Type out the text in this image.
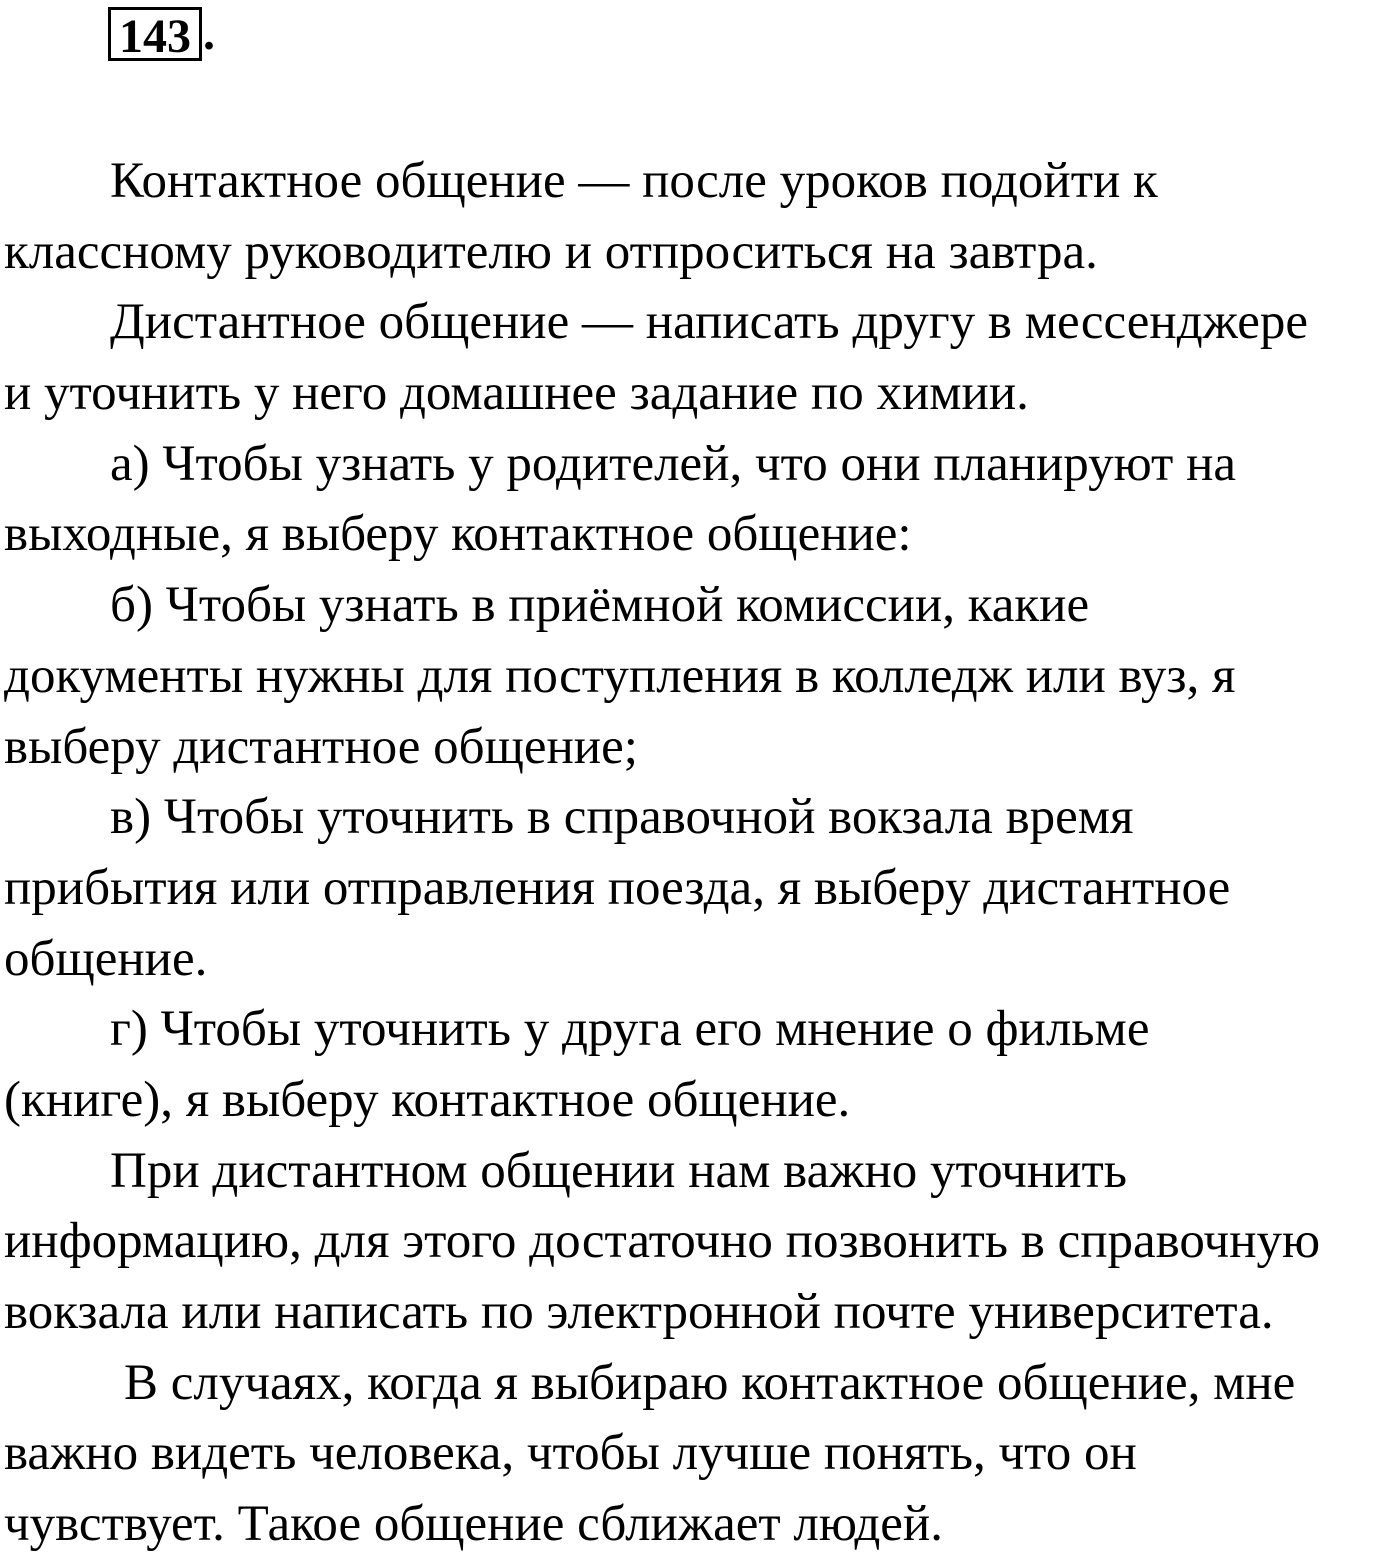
143 .
Контактное общение — после уроков подойти к
классному руководителю и отпроситься на завтра.
Дистантное общение — написать другу в мессенджере
и уточнить у него домашнее задание по химии.
а) Чтобы узнать у родителей, что они планируют на
выходные, я выберу контактное общение:
б) Чтобы узнать в приёмной комиссии, какие
документы нужны для поступления в колледж или вуз, я
выберу дистантное общение;
в) Чтобы уточнить в справочной вокзала время
прибытия или отправления поезда, я выберу дистантное
общение.
г) Чтобы уточнить у друга его мнение о фильме
(книге), я выберу контактное общение.
При дистантном общении нам важно уточнить
информацию, для этого достаточно позвонить в справочную
вокзала или написать по электронной почте университета.
В случаях, когда я выбираю контактное общение, мне
важно видеть человека, чтобы лучше понять, что он
чувствует. Такое общение сближает людей.
